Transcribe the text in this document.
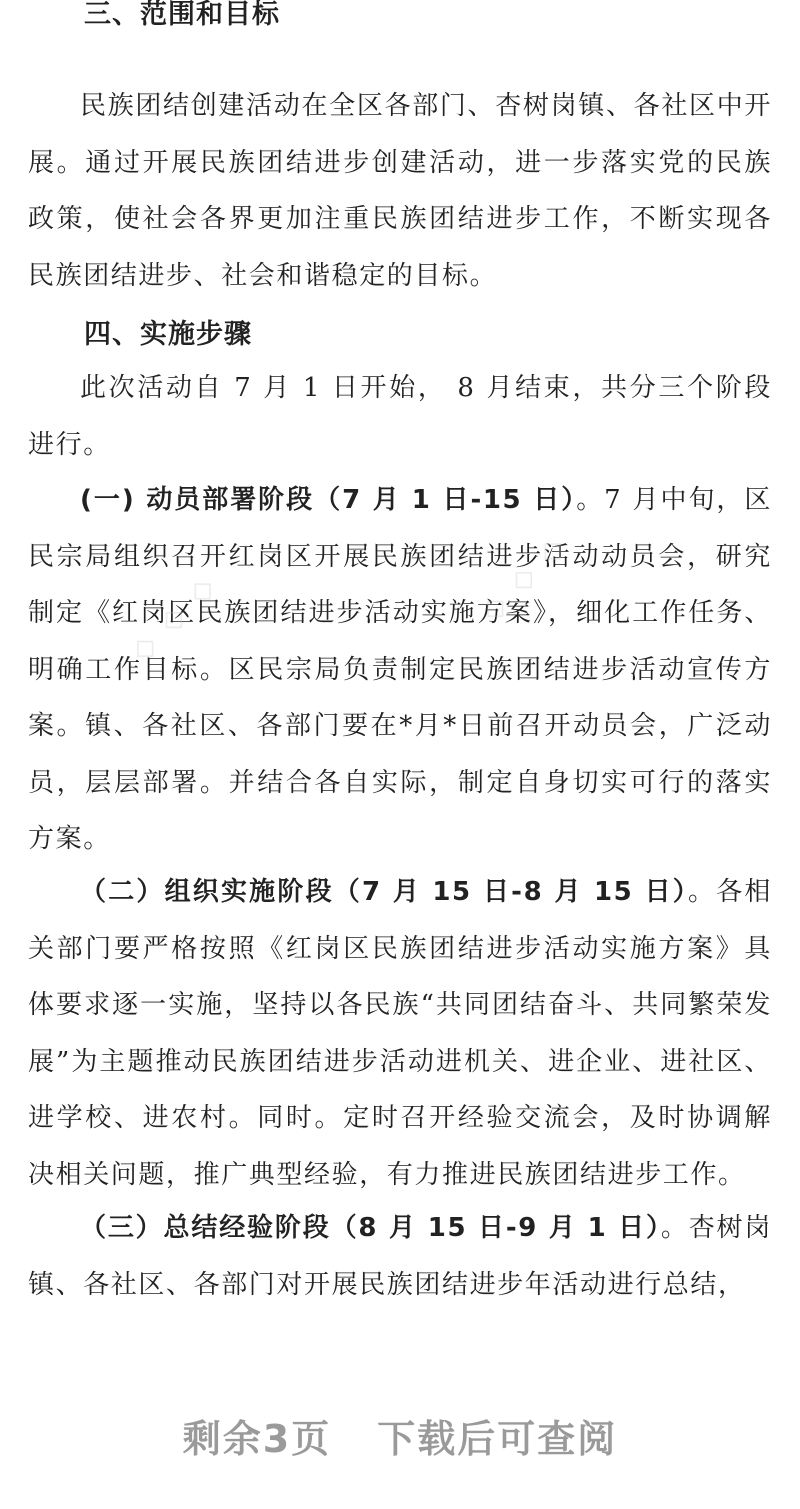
三、范围和目标
民族团结创建活动在全区各部门、杏树岗镇、各社区中开展。通过开展民族团结进步创建活动，进一步落实党的民族政策，使社会各界更加注重民族团结进步工作，不断实现各民族团结进步、社会和谐稳定的目标。
四、实施步骤
此次活动自 7 月 1 日开始， 8 月结束，共分三个阶段进行。
(一) 动员部署阶段（7 月 1 日-15 日）。7 月中旬，区民宗局组织召开红岗区开展民族团结进步活动动员会，研究制定《红岗区民族团结进步活动实施方案》，细化工作任务、明确工作目标。区民宗局负责制定民族团结进步活动宣传方案。镇、各社区、各部门要在*月*日前召开动员会，广泛动员，层层部署。并结合各自实际，制定自身切实可行的落实方案。
（二）组织实施阶段（7 月 15 日-8 月 15 日）。各相关部门要严格按照《红岗区民族团结进步活动实施方案》具体要求逐一实施，坚持以各民族“共同团结奋斗、共同繁荣发展”为主题推动民族团结进步活动进机关、进企业、进社区、进学校、进农村。同时。定时召开经验交流会，及时协调解决相关问题，推广典型经验，有力推进民族团结进步工作。
（三）总结经验阶段（8 月 15 日-9 月 1 日）。杏树岗镇、各社区、各部门对开展民族团结进步年活动进行总结，
◇ ◇ ◇	◇ ◇ ◇
剩余3页 下载后可查阅
